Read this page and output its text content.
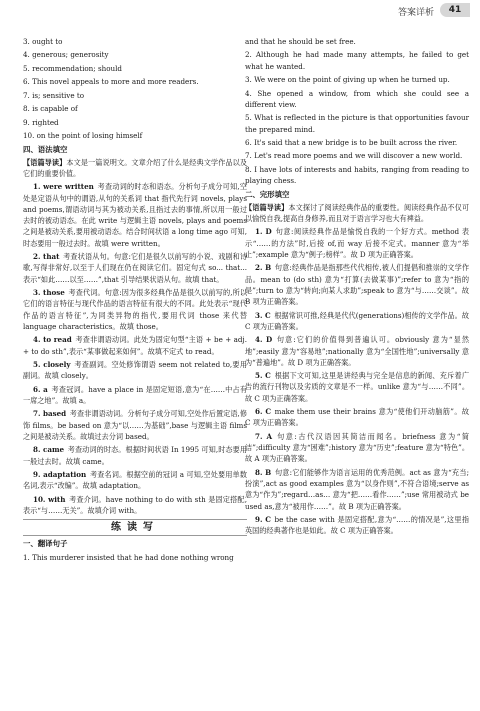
答案详析	41

3. ought to

4. generous; generosity

5. recommendation; should

6. This novel appeals to more and more readers.

7. is; sensitive to

8. is capable of

9. righted

10. on the point of losing himself

四、语法填空

【语篇导读】本文是一篇说明文。文章介绍了什么是经典文学作品以及它们的重要价值。

1. were written  考查动词的时态和语态。分析句子成分可知,空处是定语从句中的谓语,从句的关系词 that 指代先行词 novels, plays and poems,谓语动词与其为被动关系,且指过去的事情,所以用一般过去时的被动语态。在此 write 与逻辑主语 novels, plays and poems 之间是被动关系,要用被动语态。结合时间状语 a long time ago 可知,时态要用一般过去时。故填 were written。

2. that  考查状语从句。句意:它们是很久以前写的小说、戏剧和诗歌,写得非常好,以至于人们现在仍在阅读它们。固定句式 so... that... 表示“如此……以至……”,that 引导结果状语从句。故填 that。

3. those  考查代词。句意:因为很多经典作品是很久以前写的,所以它们的语言特征与现代作品的语言特征有很大的不同。此处表示“现代作品的语言特征”,为同类异物的指代,要用代词 those 来代替 language characteristics。故填 those。

4. to read  考查非谓语动词。此处为固定句型“主语 + be + adj. + to do sth”,表示“某事做起来如何”。故填不定式 to read。

5. closely  考查副词。空处修饰谓语 seem not related to,要用副词。故填 closely。

6. a  考查冠词。have a place in 是固定短语,意为“在……中占有一席之地”。故填 a。

7. based  考查非谓语动词。分析句子成分可知,空处作后置定语,修饰 films。be based on 意为“以……为基础”,base 与逻辑主语 films 之间是被动关系。故填过去分词 based。

8. came  考查动词的时态。根据时间状语 In 1995 可知,时态要用一般过去时。故填 came。

9. adaptation  考查名词。根据空前的冠词 a 可知,空处要用单数名词,表示“改编”。故填 adaptation。

10. with  考查介词。have nothing to do with sth 是固定搭配,表示“与……无关”。故填介词 with。

练读写
一、翻译句子

1. This murderer insisted that he had done nothing wrong

and that he should be set free.

2. Although he had made many attempts, he failed to get what he wanted.

3. We were on the point of giving up when he turned up.

4. She opened a window, from which she could see a different view.

5. What is reflected in the picture is that opportunities favour the prepared mind.

6. It's said that a new bridge is to be built across the river.

7. Let's read more poems and we will discover a new world.

8. I have lots of interests and habits, ranging from reading to playing chess.

二、完形填空

【语篇导读】本文探讨了阅读经典作品的重要性。阅读经典作品不仅可以愉悦自我,提高自身修养,而且对于语言学习也大有裨益。

1. D  句意:阅读经典作品是愉悦自我的一个好方式。method 表示“……的方法”时,后接 of,而 way 后接不定式。manner 意为“举止”;example 意为“例子;榜样”。故 D 项为正确答案。

2. B  句意:经典作品是指那些代代相传,被人们提倡和推崇的文学作品。mean to (do sth) 意为“打算(去做某事)”;refer to 意为“指的是”;turn to 意为“转向;向某人求助”;speak to 意为“与……交谈”。故 B 项为正确答案。

3. C  根据常识可推,经典是代代(generations)相传的文学作品。故 C 项为正确答案。

4. D  句意:它们的价值得到普遍认可。obviously 意为“显然地”;easily 意为“容易地”;nationally 意为“全国性地”;universally 意为“普遍地”。故 D 项为正确答案。

5. C  根据下文可知,这里是讲经典与完全是信息的新闻、充斥着广告的流行刊物以及劣质的文章是不一样。unlike 意为“与……不同”。故 C 项为正确答案。

6. C  make them use their brains 意为“使他们开动脑筋”。故 C 项为正确答案。

7. A  句意:古代汉语因其简洁而闻名。briefness 意为“简洁”;difficulty 意为“困难”;history 意为“历史”;feature 意为“特色”。故 A 项为正确答案。

8. B  句意:它们能够作为语言运用的优秀范例。act as 意为“充当;扮演”,act as good examples 意为“以身作则”,不符合语境;serve as 意为“作为”;regard…as… 意为“把……看作……”;use 常用被动式 be used as,意为“被用作……”。故 B 项为正确答案。

9. C  be the case with 是固定搭配,意为“……的情况是”,这里指英国的经典著作也是如此。故 C 项为正确答案。
